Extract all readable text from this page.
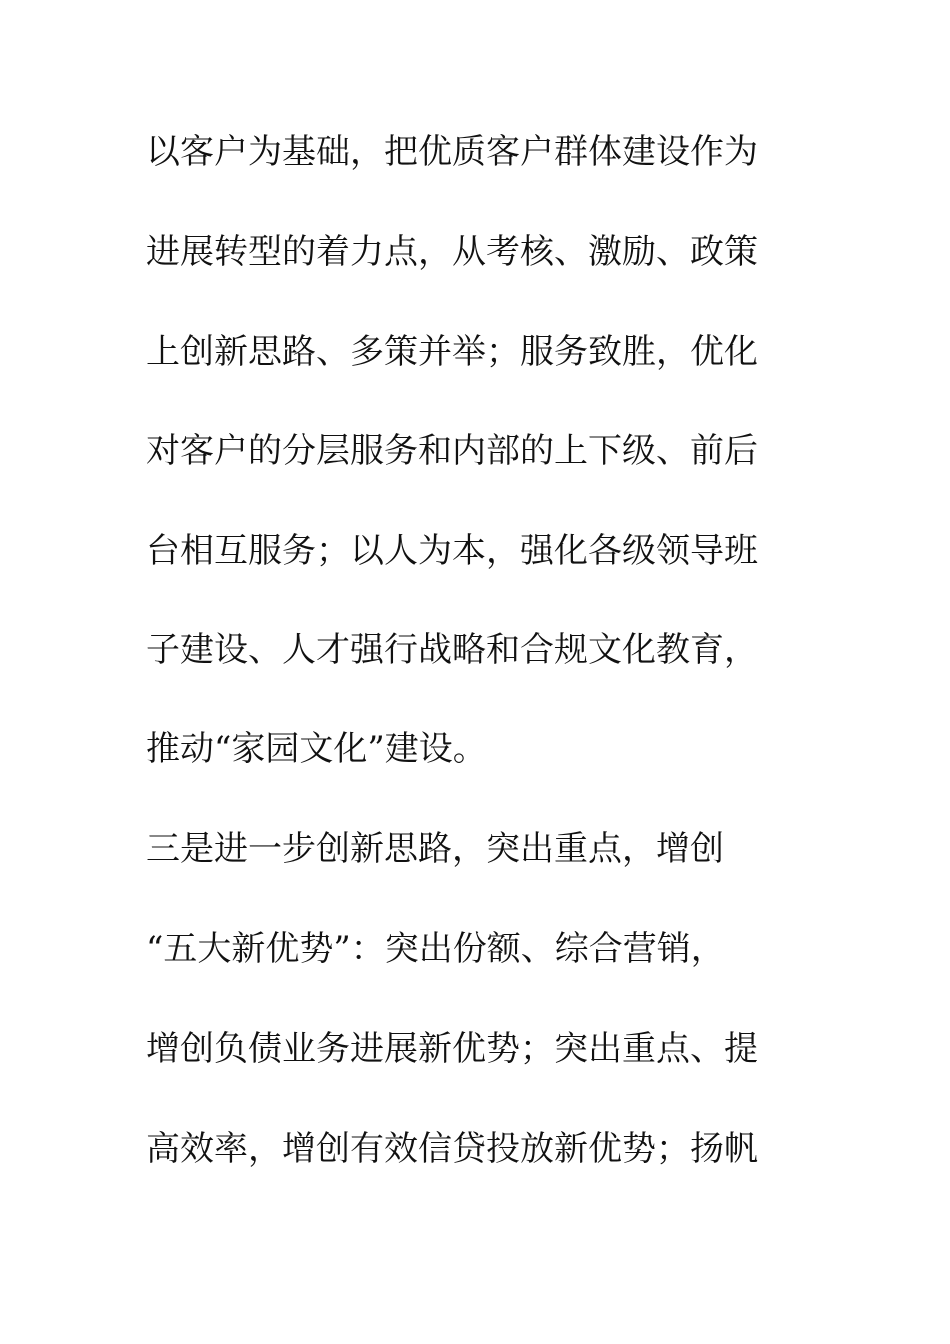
以客户为基础，把优质客户群体建设作为
进展转型的着力点，从考核、激励、政策
上创新思路、多策并举；服务致胜，优化
对客户的分层服务和内部的上下级、前后
台相互服务；以人为本，强化各级领导班
子建设、人才强行战略和合规文化教育，
推动“家园文化”建设。
三是进一步创新思路，突出重点，增创
“五大新优势”：突出份额、综合营销，
增创负债业务进展新优势；突出重点、提
高效率，增创有效信贷投放新优势；扬帆
